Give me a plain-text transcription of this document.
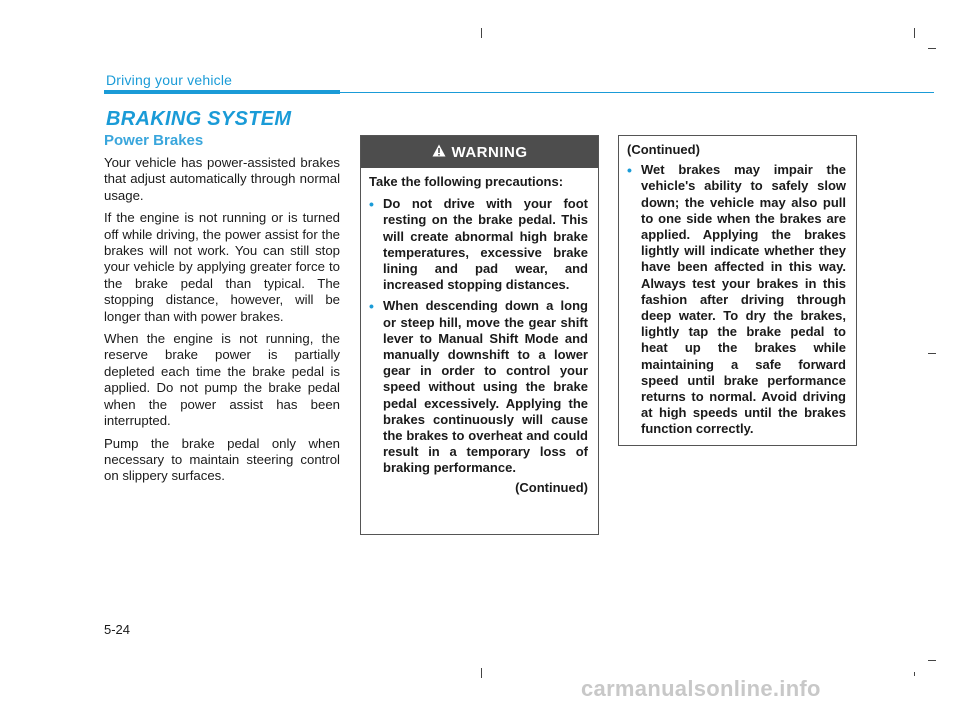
Driving your vehicle
BRAKING SYSTEM
Power Brakes

Your vehicle has power-assisted brakes that adjust automatically through normal usage.

If the engine is not running or is turned off while driving, the power assist for the brakes will not work. You can still stop your vehicle by applying greater force to the brake pedal than typical. The stopping distance, however, will be longer than with power brakes.

When the engine is not running, the reserve brake power is partially depleted each time the brake pedal is applied. Do not pump the brake pedal when the power assist has been interrupted.

Pump the brake pedal only when necessary to maintain steering control on slippery surfaces.

WARNING

Take the following precautions:

• Do not drive with your foot resting on the brake pedal. This will create abnormal high brake temperatures, excessive brake lining and pad wear, and increased stopping distances.
• When descending down a long or steep hill, move the gear shift lever to Manual Shift Mode and manually downshift to a lower gear in order to control your speed without using the brake pedal excessively. Applying the brakes continuously will cause the brakes to overheat and could result in a temporary loss of braking performance.
(Continued)

(Continued)

• Wet brakes may impair the vehicle's ability to safely slow down; the vehicle may also pull to one side when the brakes are applied. Applying the brakes lightly will indicate whether they have been affected in this way. Always test your brakes in this fashion after driving through deep water. To dry the brakes, lightly tap the brake pedal to heat up the brakes while maintaining a safe forward speed until brake performance returns to normal. Avoid driving at high speeds until the brakes function correctly.
5-24
carmanualsonline.info
